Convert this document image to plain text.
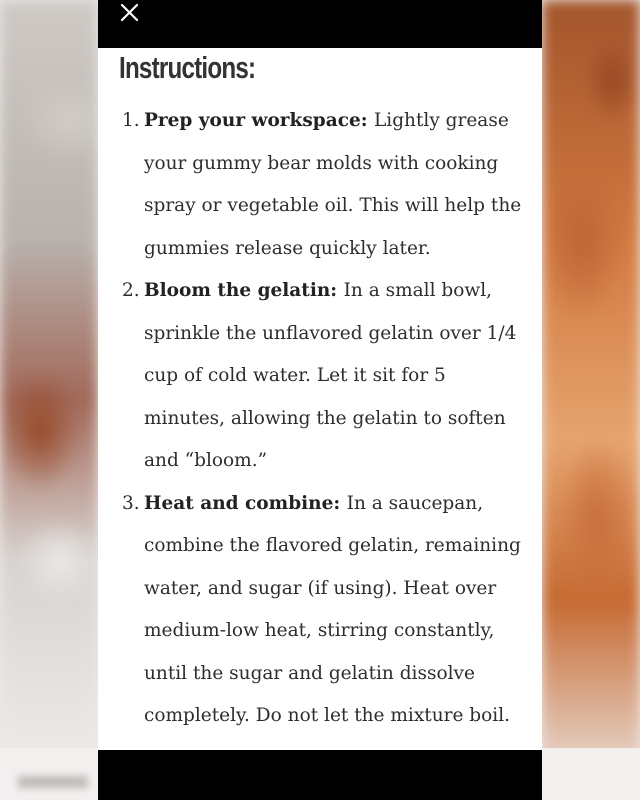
Instructions:
1. Prep your workspace: Lightly grease your gummy bear molds with cooking spray or vegetable oil. This will help the gummies release quickly later.
2. Bloom the gelatin: In a small bowl, sprinkle the unflavored gelatin over 1/4 cup of cold water. Let it sit for 5 minutes, allowing the gelatin to soften and “bloom.”
3. Heat and combine: In a saucepan, combine the flavored gelatin, remaining water, and sugar (if using). Heat over medium-low heat, stirring constantly, until the sugar and gelatin dissolve completely. Do not let the mixture boil.
